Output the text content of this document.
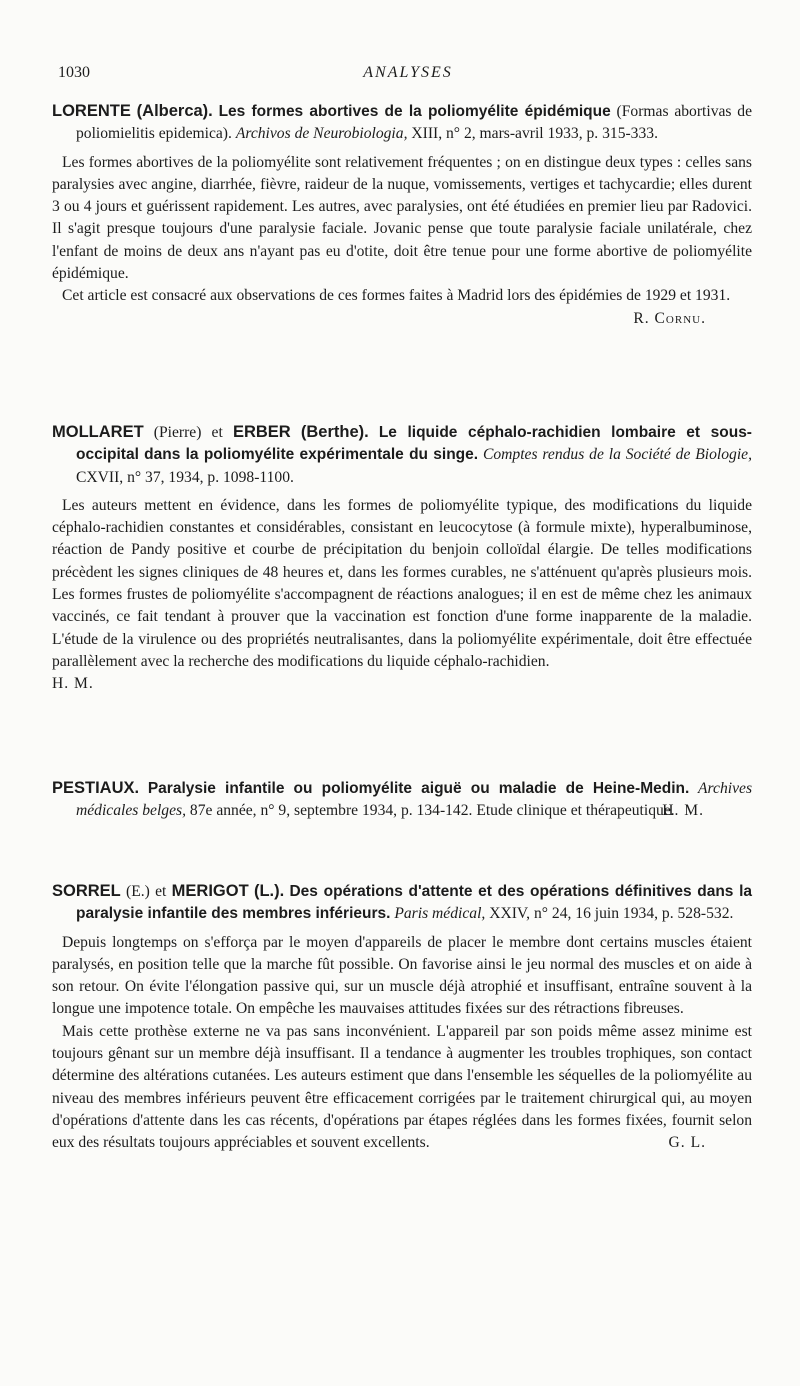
1030	ANALYSES

LORENTE (Alberca). Les formes abortives de la poliomyélite épidémique (Formas abortivas de poliomielitis epidemica). Archivos de Neurobiologia, XIII, n° 2, mars-avril 1933, p. 315-333.

Les formes abortives de la poliomyélite sont relativement fréquentes ; on en distingue deux types : celles sans paralysies avec angine, diarrhée, fièvre, raideur de la nuque, vomissements, vertiges et tachycardie; elles durent 3 ou 4 jours et guérissent rapidement. Les autres, avec paralysies, ont été étudiées en premier lieu par Radovici. Il s'agit presque toujours d'une paralysie faciale. Jovanic pense que toute paralysie faciale unilatérale, chez l'enfant de moins de deux ans n'ayant pas eu d'otite, doit être tenue pour une forme abortive de poliomyélite épidémique.

Cet article est consacré aux observations de ces formes faites à Madrid lors des épidémies de 1929 et 1931.
R. Cornu.

MOLLARET (Pierre) et ERBER (Berthe). Le liquide céphalo-rachidien lombaire et sous-occipital dans la poliomyélite expérimentale du singe. Comptes rendus de la Société de Biologie, CXVII, n° 37, 1934, p. 1098-1100.

Les auteurs mettent en évidence, dans les formes de poliomyélite typique, des modifications du liquide céphalo-rachidien constantes et considérables, consistant en leucocytose (à formule mixte), hyperalbuminose, réaction de Pandy positive et courbe de précipitation du benjoin colloïdal élargie. De telles modifications précèdent les signes cliniques de 48 heures et, dans les formes curables, ne s'atténuent qu'après plusieurs mois. Les formes frustes de poliomyélite s'accompagnent de réactions analogues; il en est de même chez les animaux vaccinés, ce fait tendant à prouver que la vaccination est fonction d'une forme inapparente de la maladie. L'étude de la virulence ou des propriétés neutralisantes, dans la poliomyélite expérimentale, doit être effectuée parallèlement avec la recherche des modifications du liquide céphalo-rachidien.

H. M.

PESTIAUX. Paralysie infantile ou poliomyélite aiguë ou maladie de Heine-Medin. Archives médicales belges, 87e année, n° 9, septembre 1934, p. 134-142. Etude clinique et thérapeutique.
H. M.

SORREL (E.) et MERIGOT (L.). Des opérations d'attente et des opérations définitives dans la paralysie infantile des membres inférieurs. Paris médical, XXIV, n° 24, 16 juin 1934, p. 528-532.

Depuis longtemps on s'efforça par le moyen d'appareils de placer le membre dont certains muscles étaient paralysés, en position telle que la marche fût possible. On favorise ainsi le jeu normal des muscles et on aide à son retour. On évite l'élongation passive qui, sur un muscle déjà atrophié et insuffisant, entraîne souvent à la longue une impotence totale. On empêche les mauvaises attitudes fixées sur des rétractions fibreuses.

Mais cette prothèse externe ne va pas sans inconvénient. L'appareil par son poids même assez minime est toujours gênant sur un membre déjà insuffisant. Il a tendance à augmenter les troubles trophiques, son contact détermine des altérations cutanées. Les auteurs estiment que dans l'ensemble les séquelles de la poliomyélite au niveau des membres inférieurs peuvent être efficacement corrigées par le traitement chirurgical qui, au moyen d'opérations d'attente dans les cas récents, d'opérations par étapes réglées dans les formes fixées, fournit selon eux des résultats toujours appréciables et souvent excellents.	G. L.
